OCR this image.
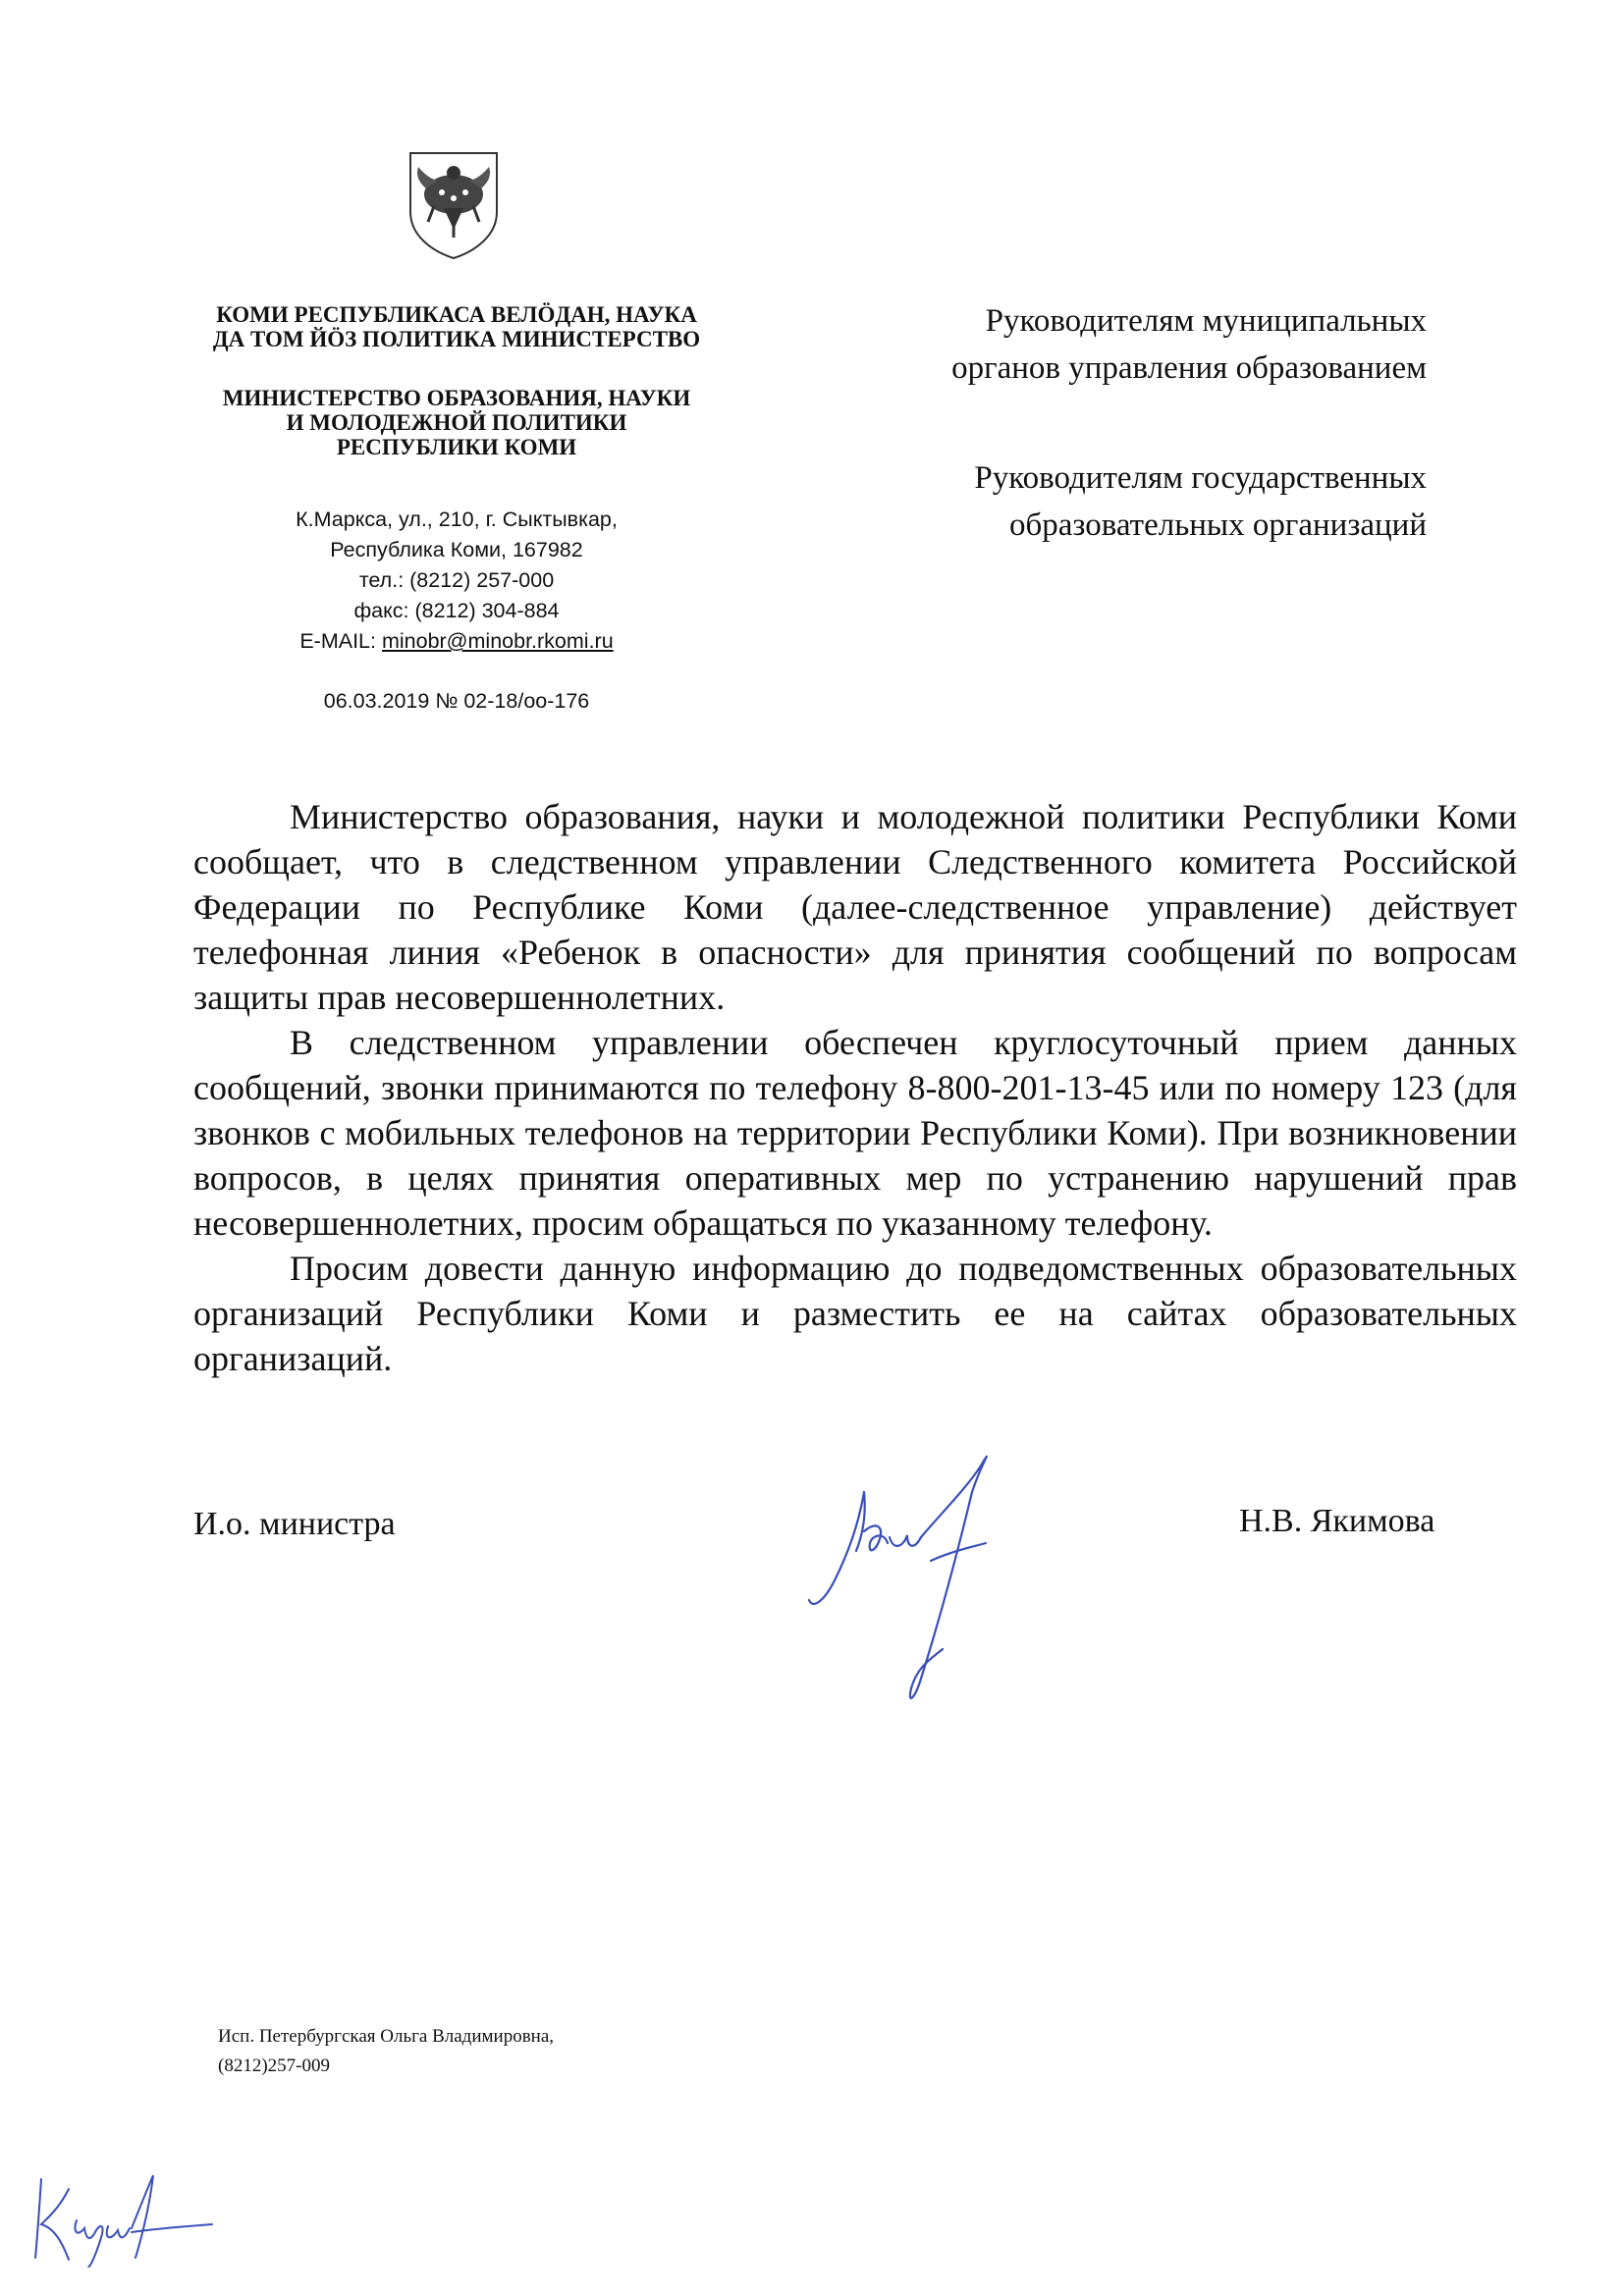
КОМИ РЕСПУБЛИКАСА ВЕЛÖДАН, НАУКА
ДА ТОМ ЙÖЗ ПОЛИТИКА МИНИСТЕРСТВО
МИНИСТЕРСТВО ОБРАЗОВАНИЯ, НАУКИ
И МОЛОДЕЖНОЙ ПОЛИТИКИ
РЕСПУБЛИКИ КОМИ
К.Маркса, ул., 210, г. Сыктывкар,
Республика Коми, 167982
тел.: (8212) 257-000
факс: (8212) 304-884
E-MAIL: minobr@minobr.rkomi.ru
06.03.2019 № 02-18/оо-176
Руководителям муниципальных
органов управления образованием
Руководителям государственных
образовательных организаций

Министерство образования, науки и молодежной политики Республики Коми сообщает, что в следственном управлении Следственного комитета Российской Федерации по Республике Коми (далее-следственное управление) действует телефонная линия «Ребенок в опасности» для принятия сообщений по вопросам защиты прав несовершеннолетних.

В следственном управлении обеспечен круглосуточный прием данных сообщений, звонки принимаются по телефону 8-800-201-13-45 или по номеру 123 (для звонков с мобильных телефонов на территории Республики Коми). При возникновении вопросов, в целях принятия оперативных мер по устранению нарушений прав несовершеннолетних, просим обращаться по указанному телефону.

Просим довести данную информацию до подведомственных образовательных организаций Республики Коми и разместить ее на сайтах образовательных организаций.

И.о. министра	Н.В. Якимова
Исп. Петербургская Ольга Владимировна,
(8212)257-009
